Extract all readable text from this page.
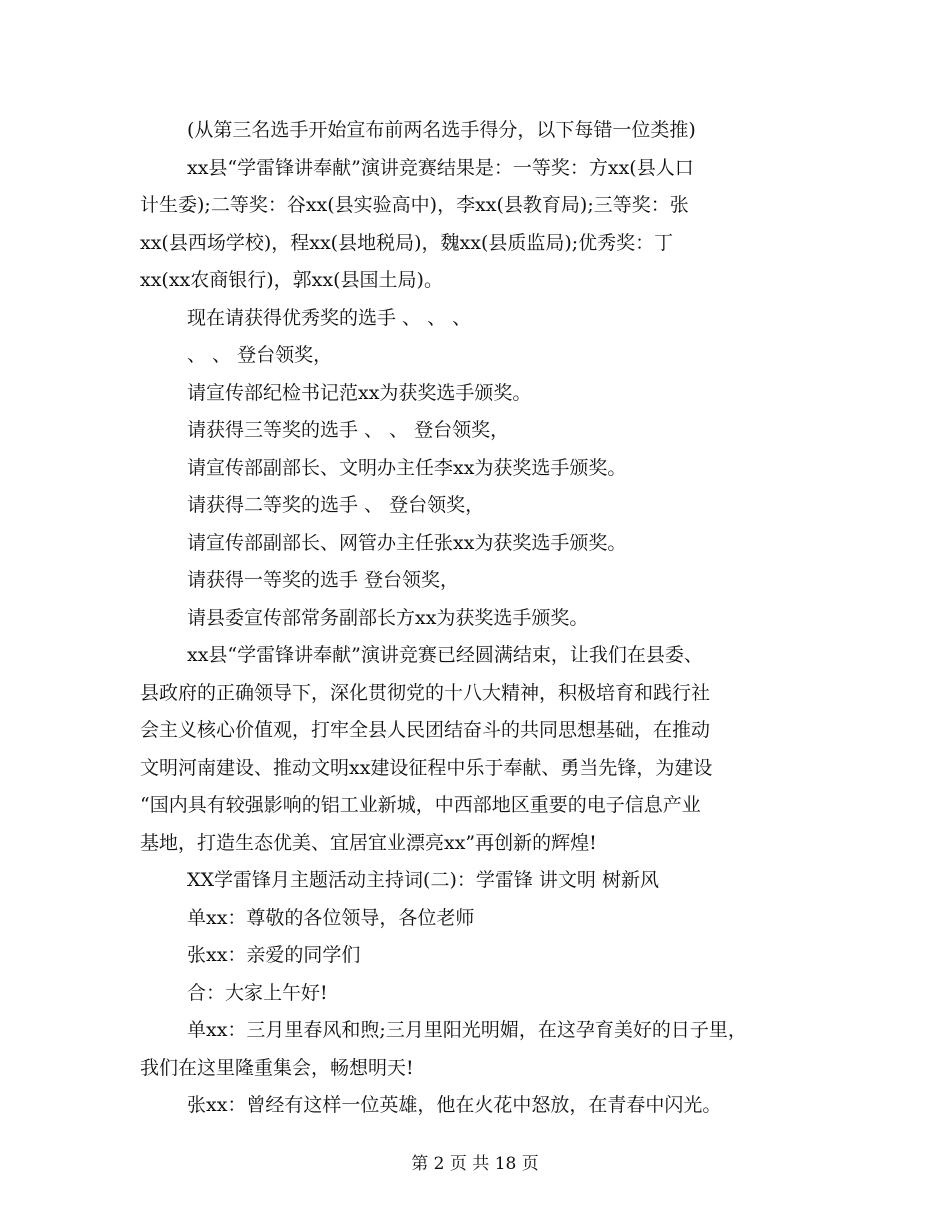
(从第三名选手开始宣布前两名选手得分，以下每错一位类推)
xx县“学雷锋讲奉献”演讲竞赛结果是：一等奖：方xx(县人口
计生委);二等奖：谷xx(县实验高中)，李xx(县教育局);三等奖：张
xx(县西场学校)，程xx(县地税局)，魏xx(县质监局);优秀奖：丁
xx(xx农商银行)，郭xx(县国土局)。
现在请获得优秀奖的选手 、 、 、
、 、 登台领奖，
请宣传部纪检书记范xx为获奖选手颁奖。
请获得三等奖的选手 、 、 登台领奖，
请宣传部副部长、文明办主任李xx为获奖选手颁奖。
请获得二等奖的选手 、 登台领奖，
请宣传部副部长、网管办主任张xx为获奖选手颁奖。
请获得一等奖的选手 登台领奖，
请县委宣传部常务副部长方xx为获奖选手颁奖。
xx县“学雷锋讲奉献”演讲竞赛已经圆满结束，让我们在县委、
县政府的正确领导下，深化贯彻党的十八大精神，积极培育和践行社
会主义核心价值观，打牢全县人民团结奋斗的共同思想基础，在推动
文明河南建设、推动文明xx建设征程中乐于奉献、勇当先锋，为建设
“国内具有较强影响的铝工业新城，中西部地区重要的电子信息产业
基地，打造生态优美、宜居宜业漂亮xx”再创新的辉煌!
XX学雷锋月主题活动主持词(二)：学雷锋 讲文明 树新风
单xx：尊敬的各位领导，各位老师
张xx：亲爱的同学们
合：大家上午好!
单xx：三月里春风和煦;三月里阳光明媚，在这孕育美好的日子里，
我们在这里隆重集会，畅想明天!
张xx：曾经有这样一位英雄，他在火花中怒放，在青春中闪光。
第 2 页 共 18 页
